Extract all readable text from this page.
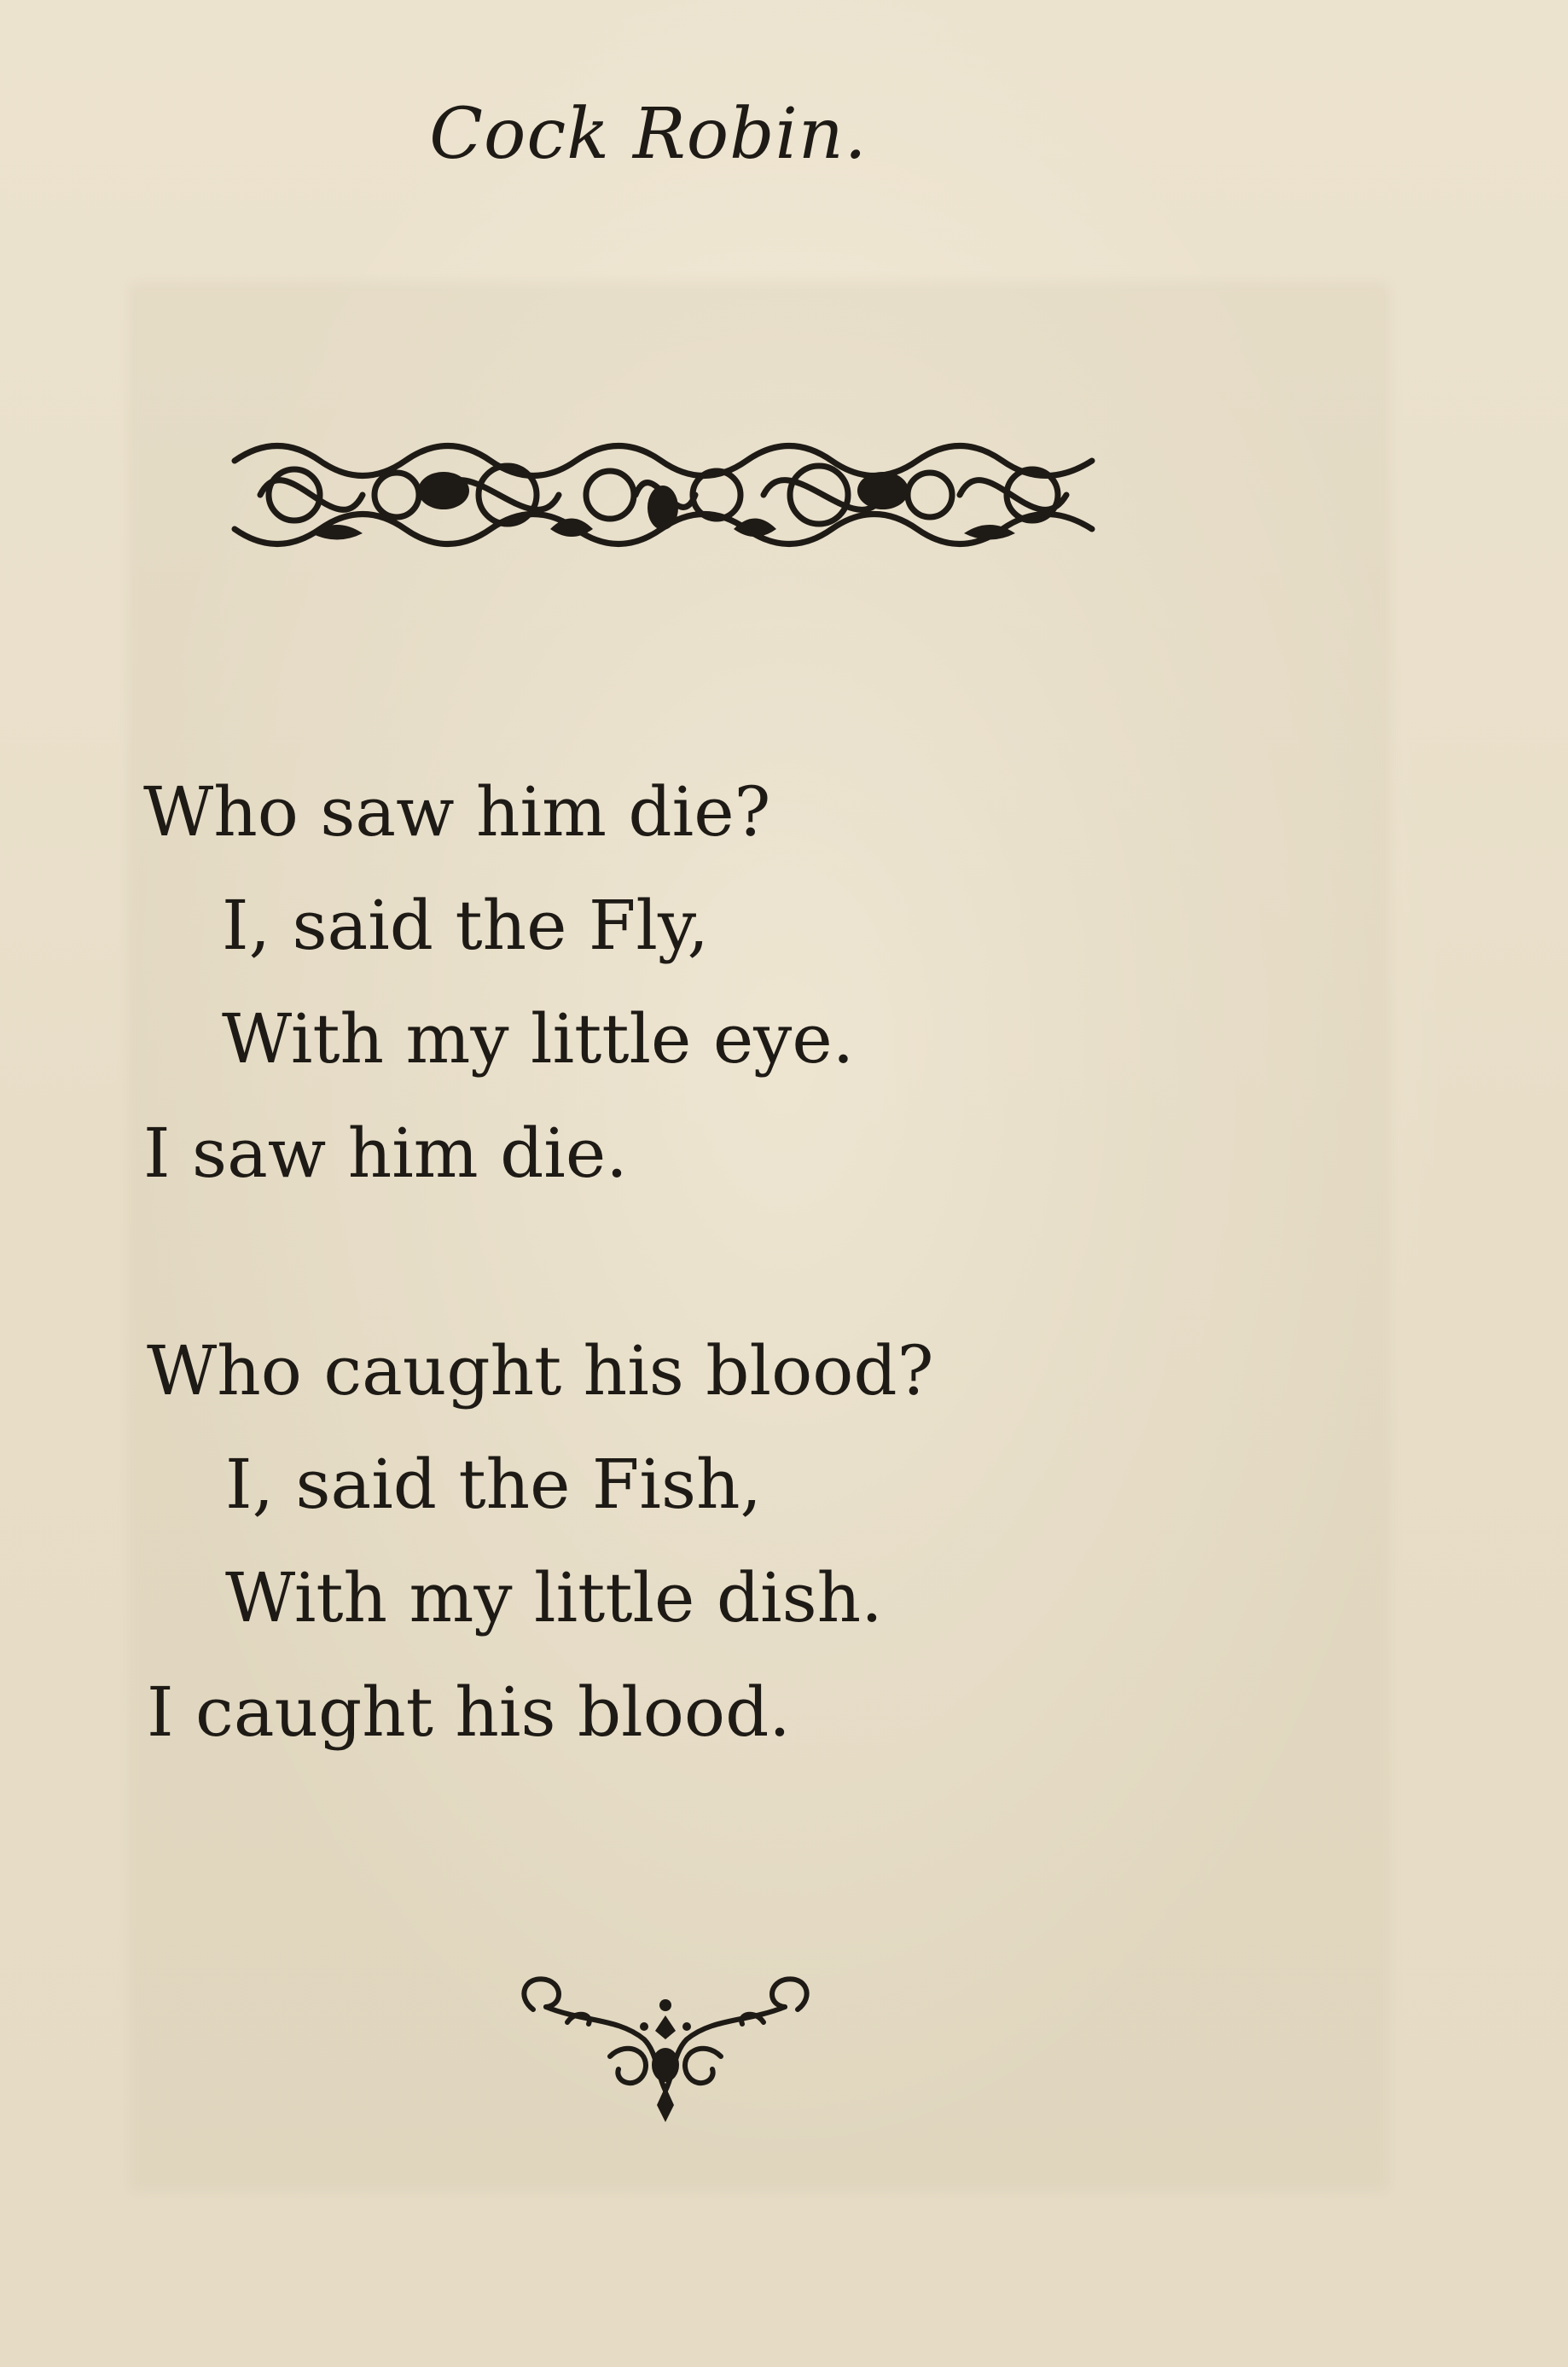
Cock Robin.
Who saw him die?
I, said the Fly,
With my little eye.
I saw him die.
Who caught his blood?
I, said the Fish,
With my little dish.
I caught his blood.
